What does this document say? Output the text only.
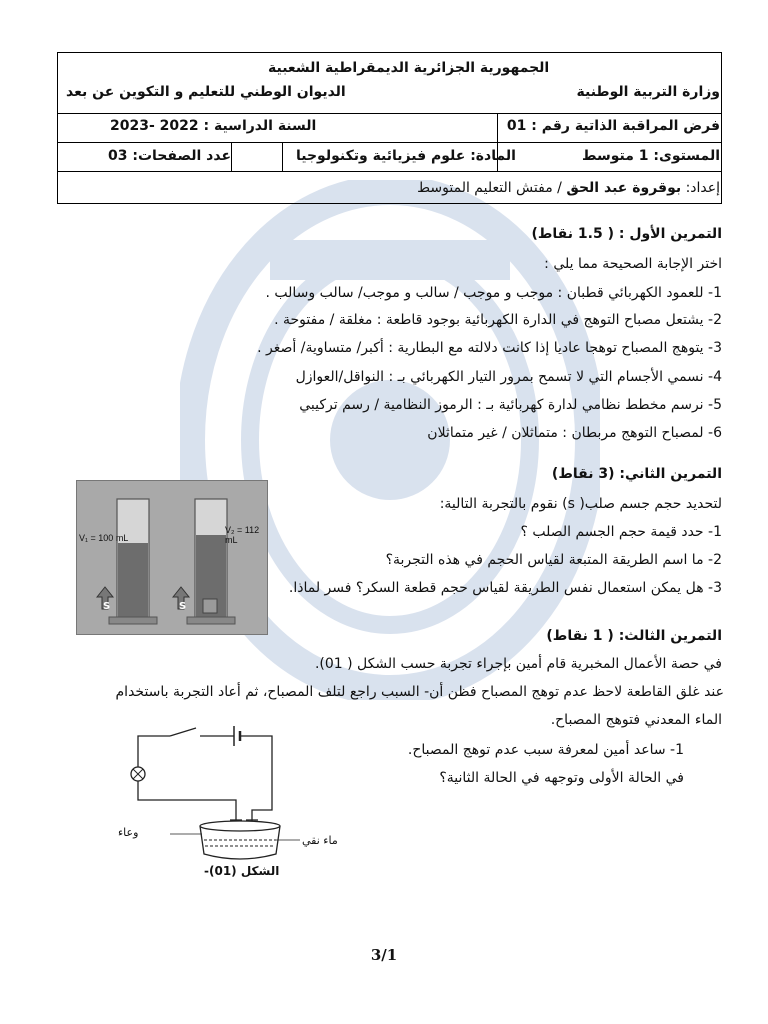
الجمهورية الجزائرية الديمقراطية الشعبية
وزارة التربية الوطنية
الديوان الوطني للتعليم و التكوين عن بعد
فرض المراقبة الذاتية رقم : 01
السنة الدراسية : 2022 -2023
المستوى: 1 متوسط
المادة: علوم فيزيائية وتكنولوجيا
عدد الصفحات: 03
إعداد: بوقروة عبد الحق / مفتش التعليم المتوسط
التمرين الأول : ( 1.5 نقاط)
اختر الإجابة الصحيحة مما يلي :
1- للعمود الكهربائي قطبان : موجب و موجب / سالب و موجب/ سالب وسالب .
2- يشتعل مصباح التوهج في الدارة الكهربائية بوجود قاطعة : مغلقة / مفتوحة .
3- يتوهج المصباح توهجا عاديا إذا كانت دلالته مع البطارية : أكبر/ متساوية/ أصغر .
4- نسمي الأجسام التي لا تسمح بمرور التيار الكهربائي بـ : النواقل/العوازل
5- نرسم مخطط نظامي لدارة كهربائية بـ : الرموز النظامية / رسم تركيبي
6- لمصباح التوهج مربطان : متماثلان / غير متماثلان
التمرين الثاني: (3 نقاط)
لتحديد حجم جسم صلب( s) نقوم بالتجربة التالية:
1- حدد قيمة حجم الجسم الصلب ؟
2- ما اسم الطريقة المتبعة لقياس الحجم في هذه التجربة؟
3- هل يمكن استعمال نفس الطريقة لقياس حجم قطعة السكر؟ فسر لماذا.
V₁ = 100 mL
V₂ = 112 mL
S	S
التمرين الثالث: ( 1 نقاط)
في حصة الأعمال المخبرية قام أمين بإجراء تجربة حسب الشكل ( 01).
عند غلق القاطعة لاحظ عدم توهج المصباح فظن أن- السبب راجع لتلف المصباح، ثم أعاد التجربة باستخدام
الماء المعدني فتوهج المصباح.
1- ساعد أمين لمعرفة سبب عدم توهج المصباح.
في الحالة الأولى وتوجهه في الحالة الثانية؟
وعاء
ماء نقي
الشكل (01)-
3/1
